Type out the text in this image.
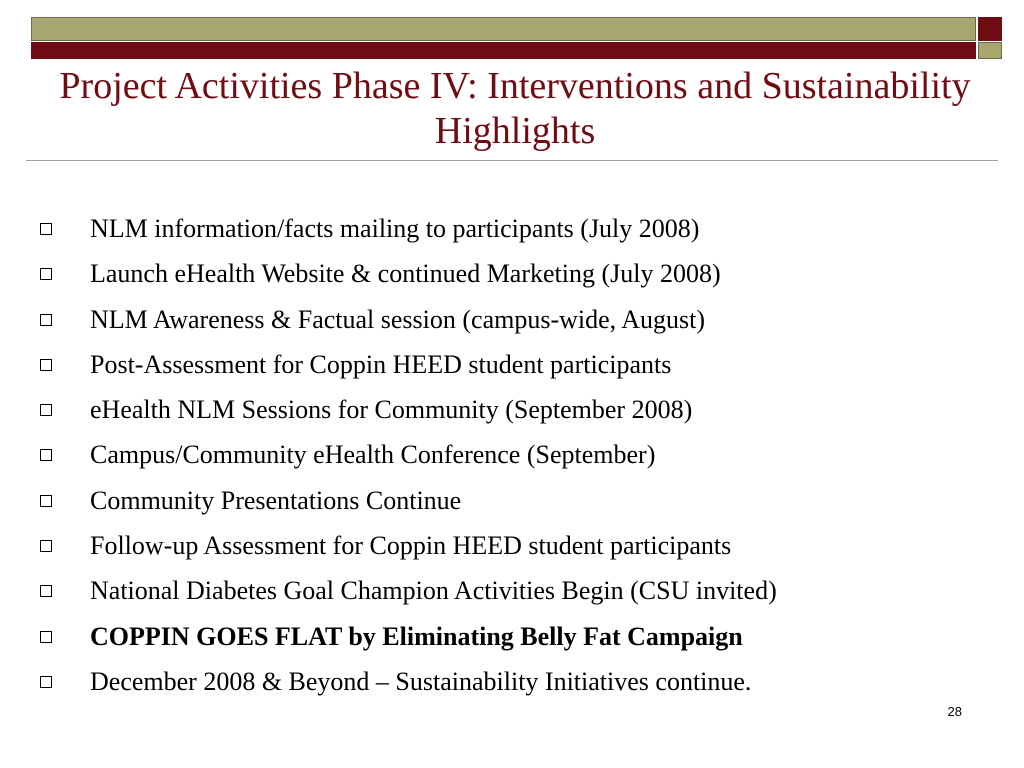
Project Activities Phase IV: Interventions and Sustainability Highlights
NLM information/facts mailing to participants (July 2008)
Launch eHealth Website & continued Marketing (July 2008)
NLM Awareness & Factual session (campus-wide, August)
Post-Assessment for Coppin HEED student participants
eHealth NLM Sessions for Community (September 2008)
Campus/Community eHealth Conference (September)
Community Presentations Continue
Follow-up Assessment for Coppin HEED student participants
National Diabetes Goal Champion Activities Begin (CSU invited)
COPPIN GOES FLAT by Eliminating Belly Fat Campaign
December 2008 & Beyond – Sustainability Initiatives continue.
28
